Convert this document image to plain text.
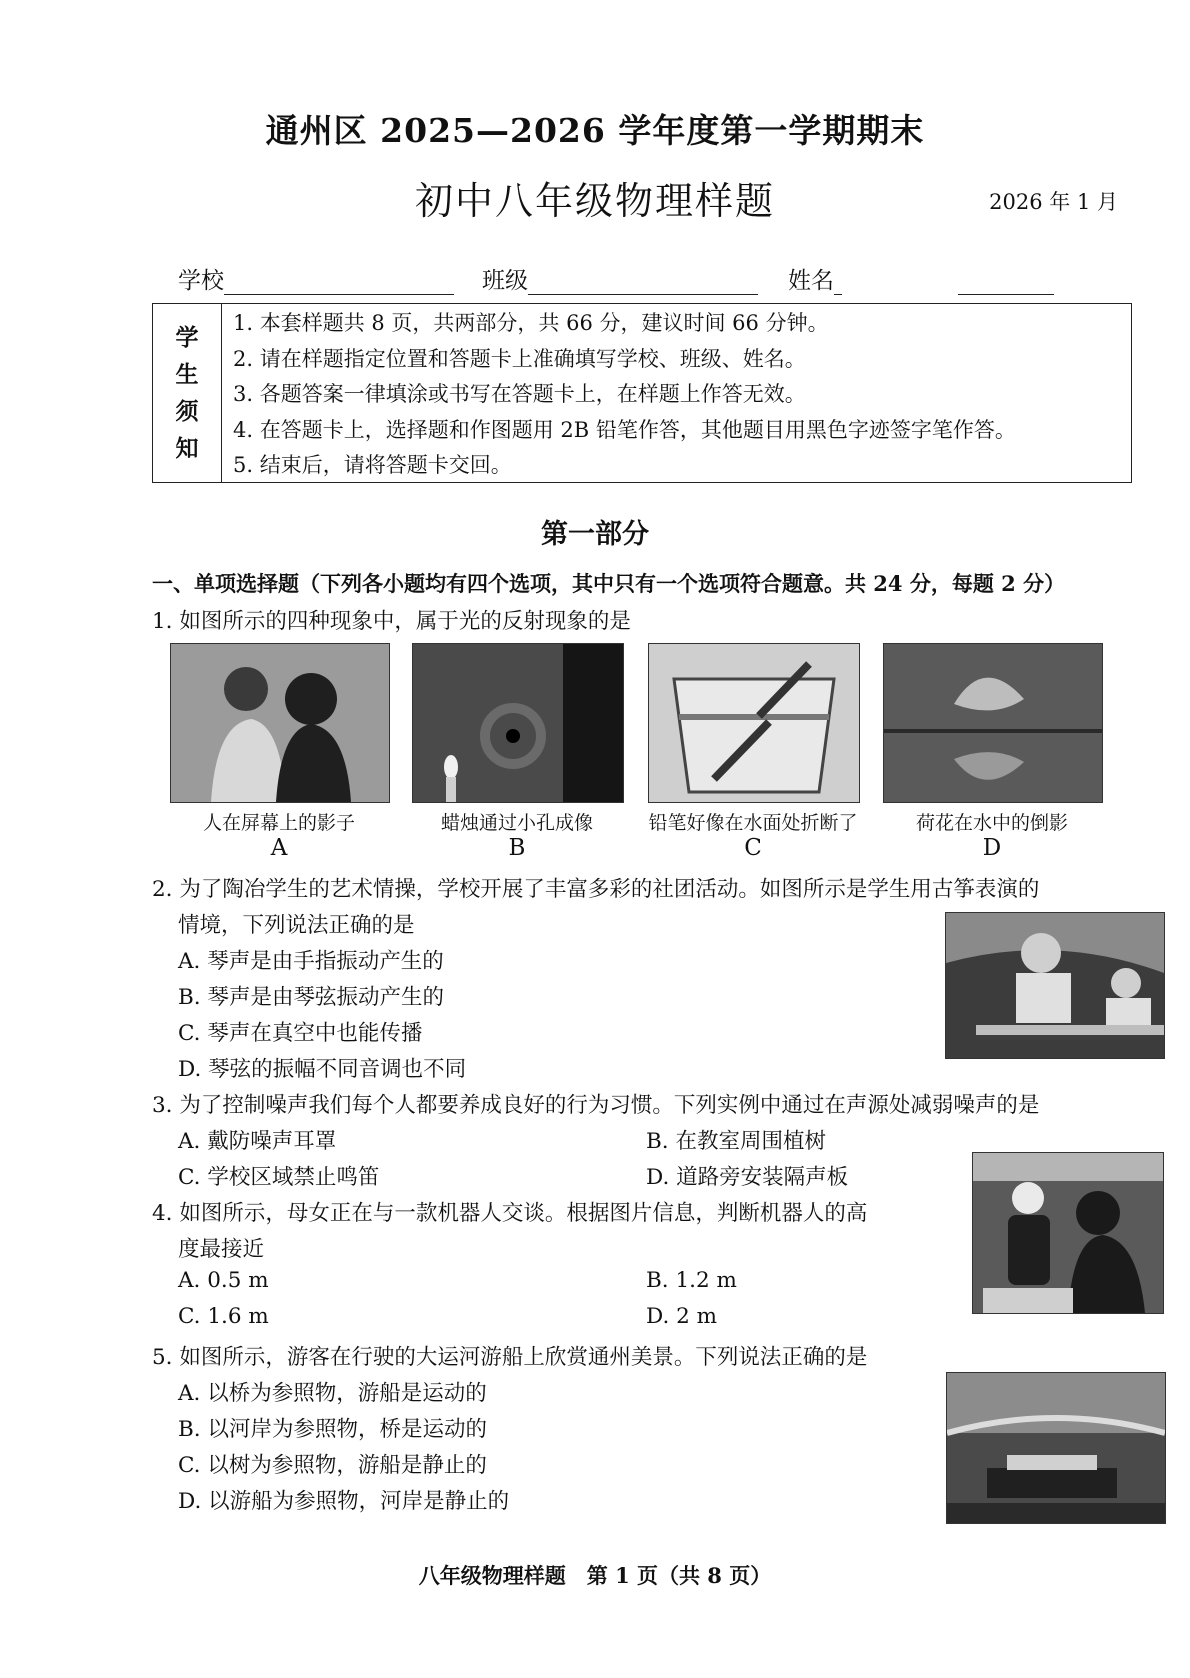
通州区 2025—2026 学年度第一学期期末
初中八年级物理样题	2026 年 1 月
学校	班级	姓名
学
生
须
知
1. 本套样题共 8 页，共两部分，共 66 分，建议时间 66 分钟。
2. 请在样题指定位置和答题卡上准确填写学校、班级、姓名。
3. 各题答案一律填涂或书写在答题卡上，在样题上作答无效。
4. 在答题卡上，选择题和作图题用 2B 铅笔作答，其他题目用黑色字迹签字笔作答。
5. 结束后，请将答题卡交回。
第一部分
一、单项选择题（下列各小题均有四个选项，其中只有一个选项符合题意。共 24 分，每题 2 分）
1. 如图所示的四种现象中，属于光的反射现象的是
人在屏幕上的影子	蜡烛通过小孔成像	铅笔好像在水面处折断了	荷花在水中的倒影
A	B	C	D
2. 为了陶冶学生的艺术情操，学校开展了丰富多彩的社团活动。如图所示是学生用古筝表演的
情境，下列说法正确的是
A. 琴声是由手指振动产生的
B. 琴声是由琴弦振动产生的
C. 琴声在真空中也能传播
D. 琴弦的振幅不同音调也不同
3. 为了控制噪声我们每个人都要养成良好的行为习惯。下列实例中通过在声源处减弱噪声的是
A. 戴防噪声耳罩	B. 在教室周围植树
C. 学校区域禁止鸣笛	D. 道路旁安装隔声板
4. 如图所示，母女正在与一款机器人交谈。根据图片信息，判断机器人的高
度最接近
A. 0.5 m	B. 1.2 m
C. 1.6 m	D. 2 m
5. 如图所示，游客在行驶的大运河游船上欣赏通州美景。下列说法正确的是
A. 以桥为参照物，游船是运动的
B. 以河岸为参照物，桥是运动的
C. 以树为参照物，游船是静止的
D. 以游船为参照物，河岸是静止的
八年级物理样题　第 1 页（共 8 页）
